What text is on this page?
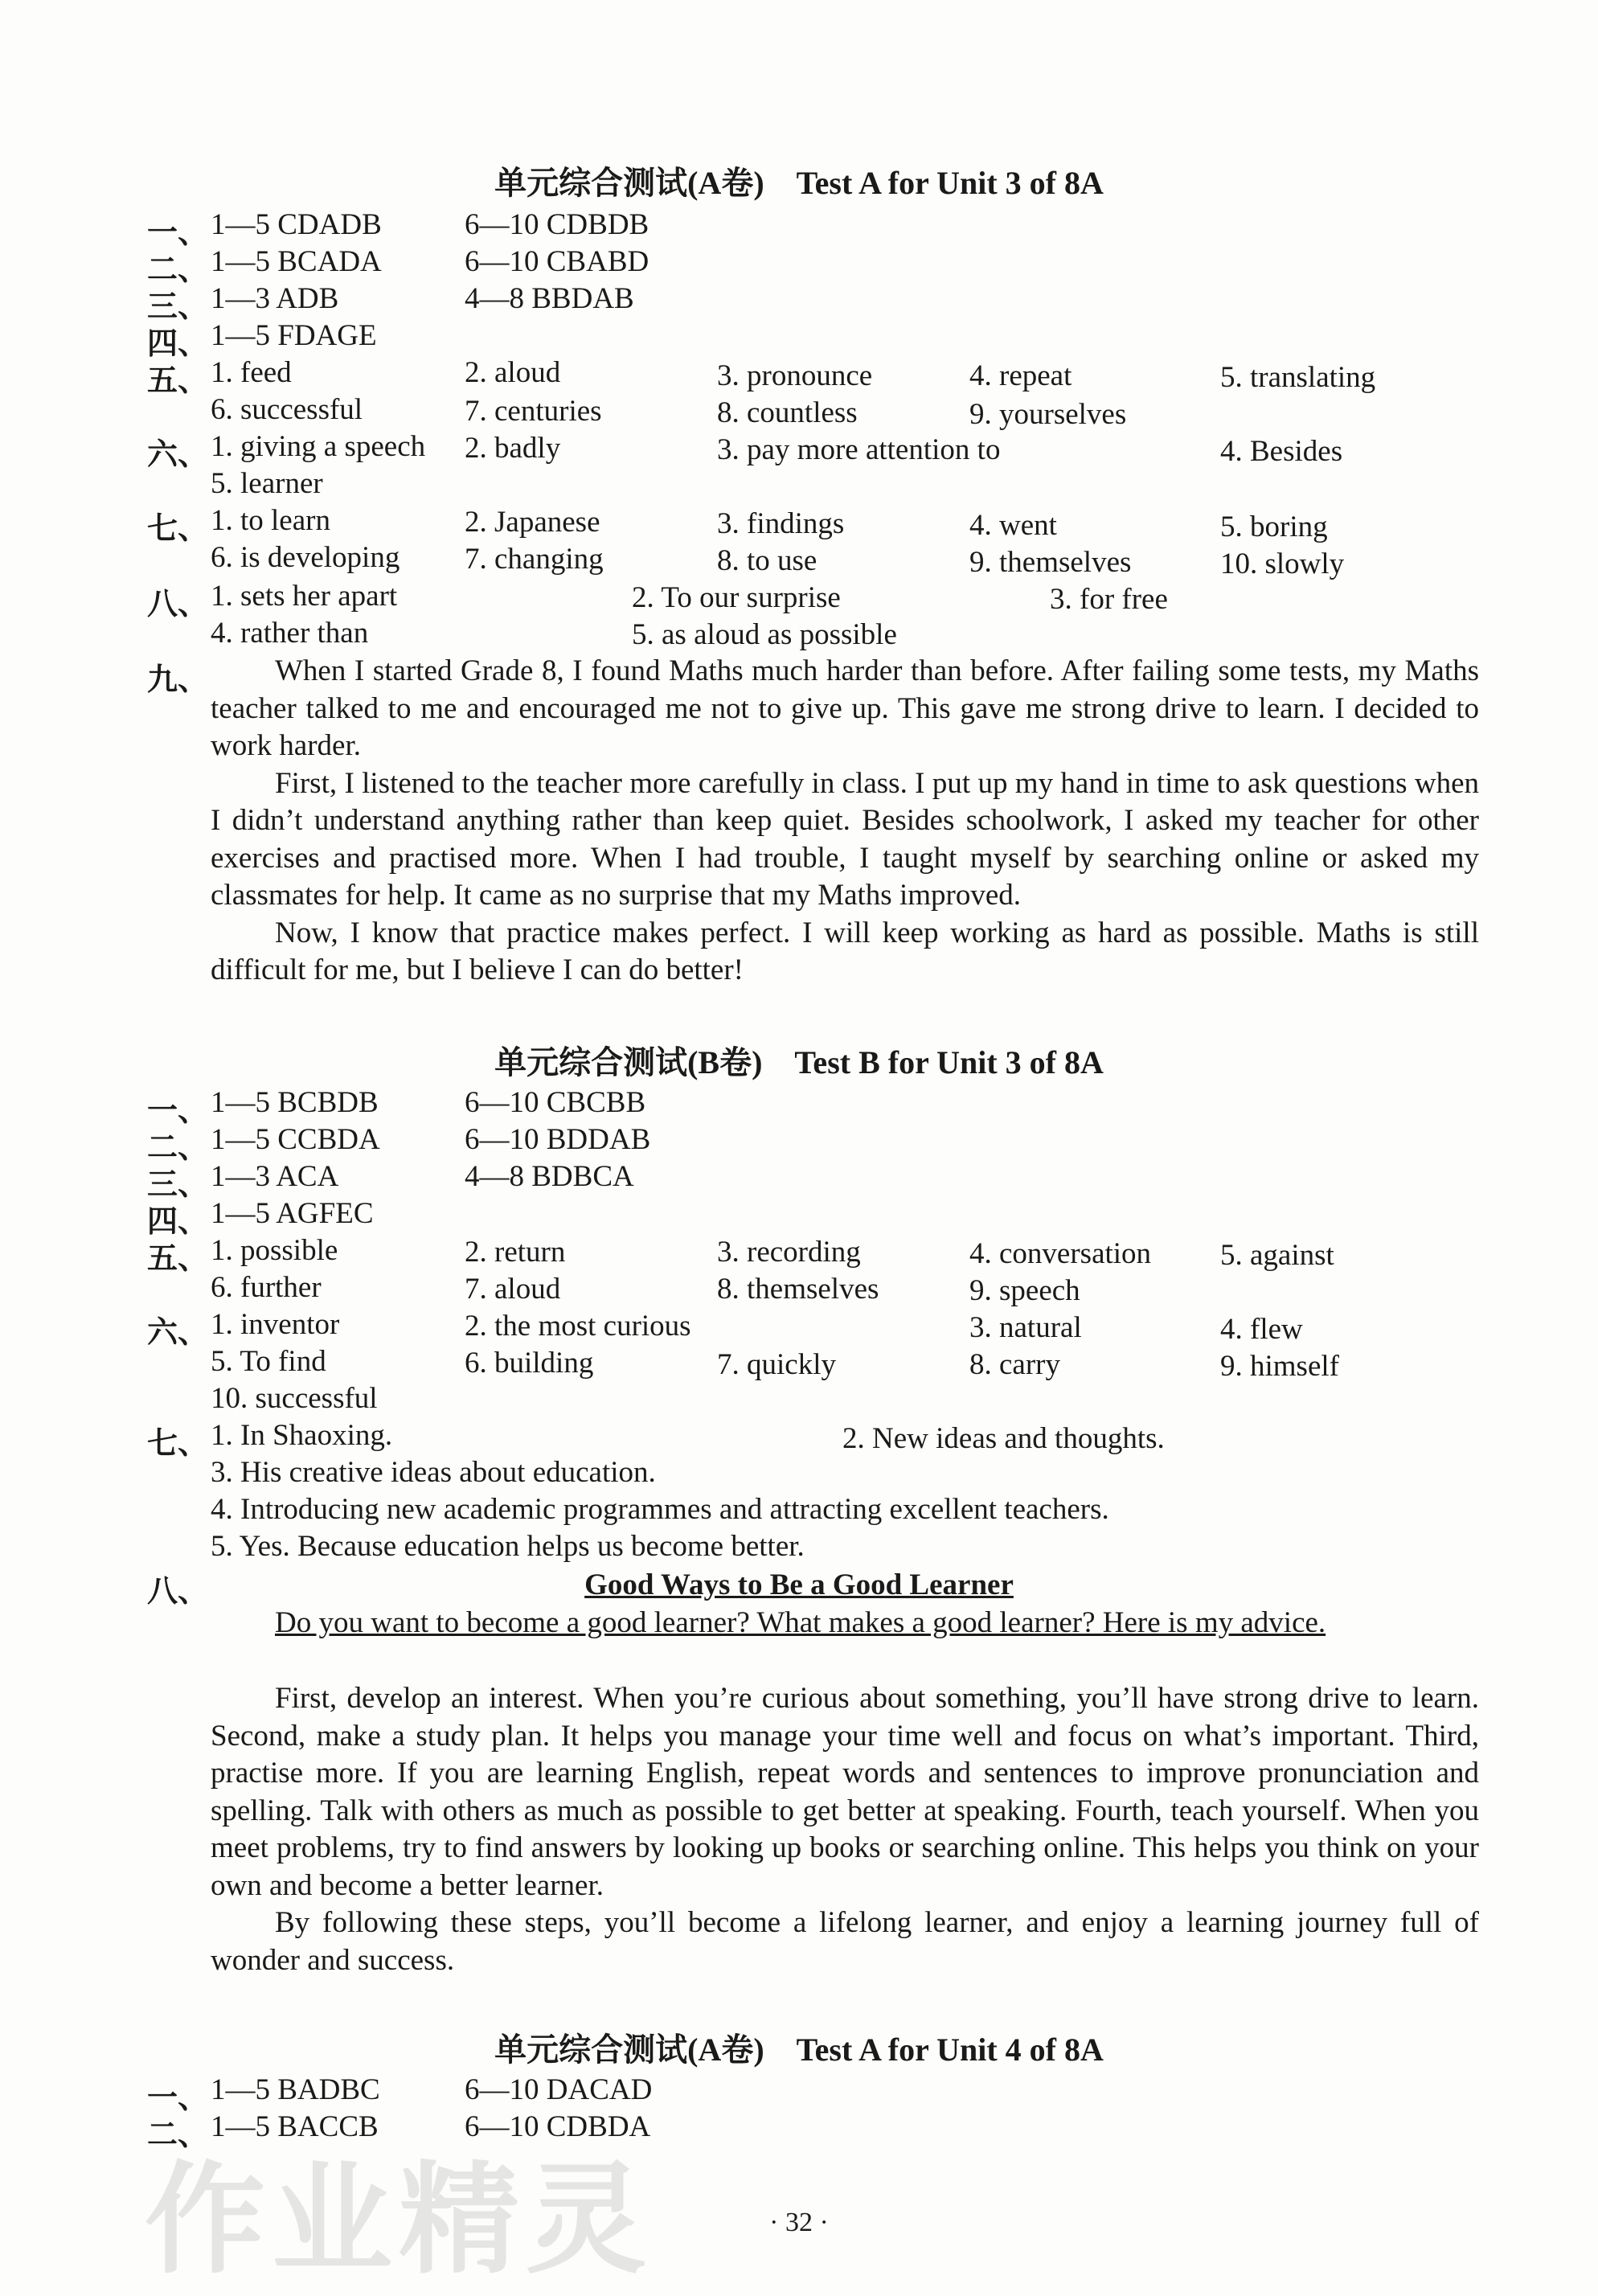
单元综合测试(A卷)　Test A for Unit 3 of 8A
一、 1—5 CDADB	6—10 CDBDB
二、 1—5 BCADA	6—10 CBABD
三、 1—3 ADB	4—8 BBDAB
四、 1—5 FDAGE
五、 1. feed	2. aloud	3. pronounce	4. repeat	5. translating
6. successful	7. centuries	8. countless	9. yourselves
六、 1. giving a speech 2. badly	3. pay more attention to	4. Besides
5. learner
七、 1. to learn	2. Japanese	3. findings	4. went	5. boring
6. is developing 7. changing	8. to use	9. themselves	10. slowly
八、 1. sets her apart	2. To our surprise	3. for free
4. rather than	5. as aloud as possible
九、	When I started Grade 8, I found Maths much harder than before. After failing some tests, my Maths teacher talked to me and encouraged me not to give up. This gave me strong drive to learn. I decided to work harder.

First, I listened to the teacher more carefully in class. I put up my hand in time to ask questions when I didn’t understand anything rather than keep quiet. Besides schoolwork, I asked my teacher for other exercises and practised more. When I had trouble, I taught myself by searching online or asked my classmates for help. It came as no surprise that my Maths improved.

Now, I know that practice makes perfect. I will keep working as hard as possible. Maths is still difficult for me, but I believe I can do better!

单元综合测试(B卷)　Test B for Unit 3 of 8A
一、 1—5 BCBDB	6—10 CBCBB
二、 1—5 CCBDA	6—10 BDDAB
三、 1—3 ACA	4—8 BDBCA
四、 1—5 AGFEC
五、 1. possible	2. return	3. recording	4. conversation 5. against
6. further	7. aloud	8. themselves	9. speech
六、 1. inventor	2. the most curious	3. natural	4. flew
5. To find	6. building	7. quickly	8. carry	9. himself
10. successful
七、 1. In Shaoxing.	2. New ideas and thoughts.
3. His creative ideas about education.
4. Introducing new academic programmes and attracting excellent teachers.
5. Yes. Because education helps us become better.
八、	Good Ways to Be a Good Learner
Do you want to become a good learner? What makes a good learner? Here is my advice.

First, develop an interest. When you’re curious about something, you’ll have strong drive to learn. Second, make a study plan. It helps you manage your time well and focus on what’s important. Third, practise more. If you are learning English, repeat words and sentences to improve pronunciation and spelling. Talk with others as much as possible to get better at speaking. Fourth, teach yourself. When you meet problems, try to find answers by looking up books or searching online. This helps you think on your own and become a better learner.

By following these steps, you’ll become a lifelong learner, and enjoy a learning journey full of wonder and success.

单元综合测试(A卷)　Test A for Unit 4 of 8A
一、 1—5 BADBC	6—10 DACAD
二、 1—5 BACCB	6—10 CDBDA
作业精灵	· 32 ·
